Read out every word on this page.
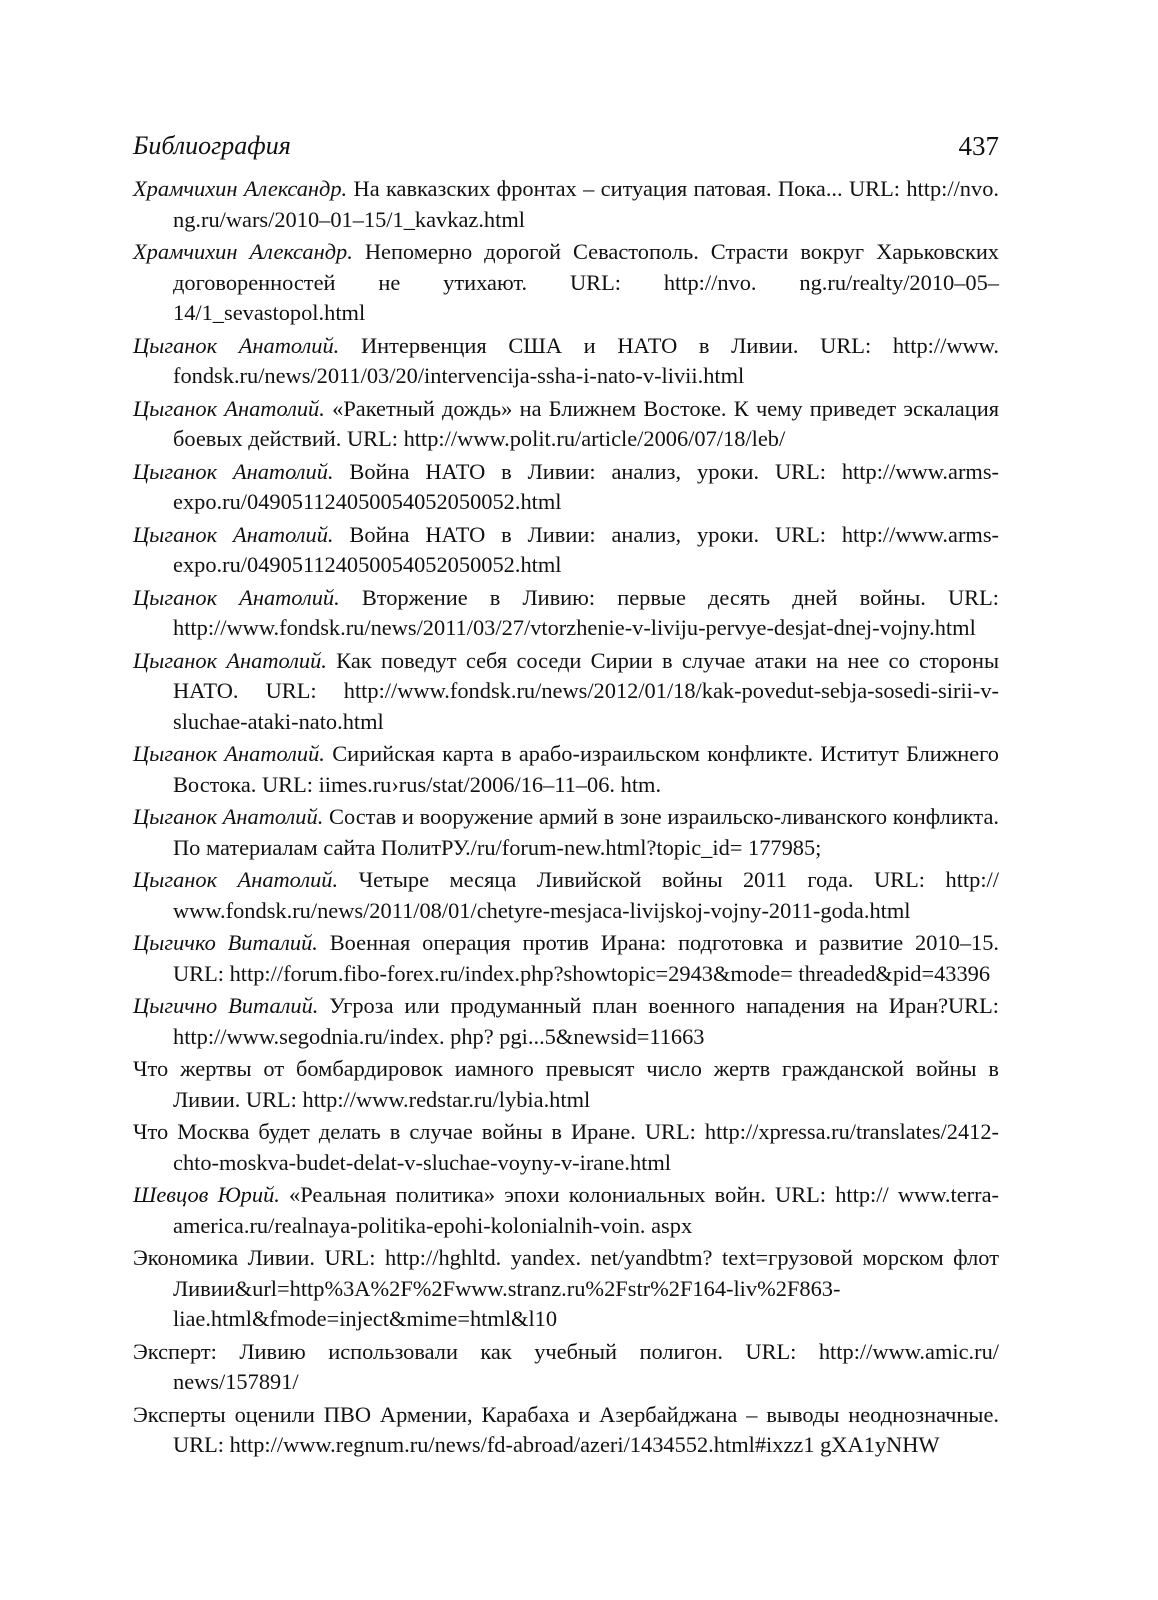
Библиография	437

Храмчихин Александр. На кавказских фронтах – ситуация патовая. Пока... URL: http://nvo. ng.ru/wars/2010–01–15/1_kavkaz.html

Храмчихин Александр. Непомерно дорогой Севастополь. Страсти вокруг Харьковских договоренностей не утихают. URL: http://nvo. ng.ru/realty/2010–05–14/1_sevastopol.html

Цыганок Анатолий. Интервенция США и НАТО в Ливии. URL: http://www. fondsk.ru/news/2011/03/20/intervencija-ssha-i-nato-v-livii.html

Цыганок Анатолий. «Ракетный дождь» на Ближнем Востоке. К чему приведет эскалация боевых действий. URL: http://www.polit.ru/article/2006/07/18/leb/

Цыганок Анатолий. Война НАТО в Ливии: анализ, уроки. URL: http://www.arms-expo.ru/049051124050054052050052.html

Цыганок Анатолий. Война НАТО в Ливии: анализ, уроки. URL: http://www.arms-expo.ru/049051124050054052050052.html

Цыганок Анатолий. Вторжение в Ливию: первые десять дней войны. URL: http://www.fondsk.ru/news/2011/03/27/vtorzhenie-v-liviju-pervye-desjat-dnej-vojny.html

Цыганок Анатолий. Как поведут себя соседи Сирии в случае атаки на нее со стороны НАТО. URL: http://www.fondsk.ru/news/2012/01/18/kak-povedut-sebja-sosedi-sirii-v-sluchae-ataki-nato.html

Цыганок Анатолий. Сирийская карта в арабо-израильском конфликте. Иститут Ближнего Востока. URL: iimes.ru›rus/stat/2006/16–11–06. htm.

Цыганок Анатолий. Состав и вооружение армий в зоне израильско-ливанского конфликта. По материалам сайта ПолитРУ./ru/forum-new.html?topic_id= 177985;

Цыганок Анатолий. Четыре месяца Ливийской войны 2011 года. URL: http:// www.fondsk.ru/news/2011/08/01/chetyre-mesjaca-livijskoj-vojny-2011-goda.html

Цыгичко Виталий. Военная операция против Ирана: подготовка и развитие 2010–15. URL: http://forum.fibo-forex.ru/index.php?showtopic=2943&mode= threaded&pid=43396

Цыгично Виталий. Угроза или продуманный план военного нападения на Иран?URL: http://www.segodnia.ru/index. php? pgi...5&newsid=11663

Что жертвы от бомбардировок иамного превысят число жертв гражданской войны в Ливии. URL: http://www.redstar.ru/lybia.html

Что Москва будет делать в случае войны в Иране. URL: http://xpressa.ru/translates/2412-chto-moskva-budet-delat-v-sluchae-voyny-v-irane.html

Шевцов Юрий. «Реальная политика» эпохи колониальных войн. URL: http:// www.terra-america.ru/realnaya-politika-epohi-kolonialnih-voin. aspx

Экономика Ливии. URL: http://hghltd. yandex. net/yandbtm? text=грузовой морском флот Ливии&url=http%3A%2F%2Fwww.stranz.ru%2Fstr%2F164-liv%2F863-liae.html&fmode=inject&mime=html&l10

Эксперт: Ливию использовали как учебный полигон. URL: http://www.amic.ru/ news/157891/

Эксперты оценили ПВО Армении, Карабаха и Азербайджана – выводы неоднозначные. URL: http://www.regnum.ru/news/fd-abroad/azeri/1434552.html#ixzz1 gXA1yNHW
